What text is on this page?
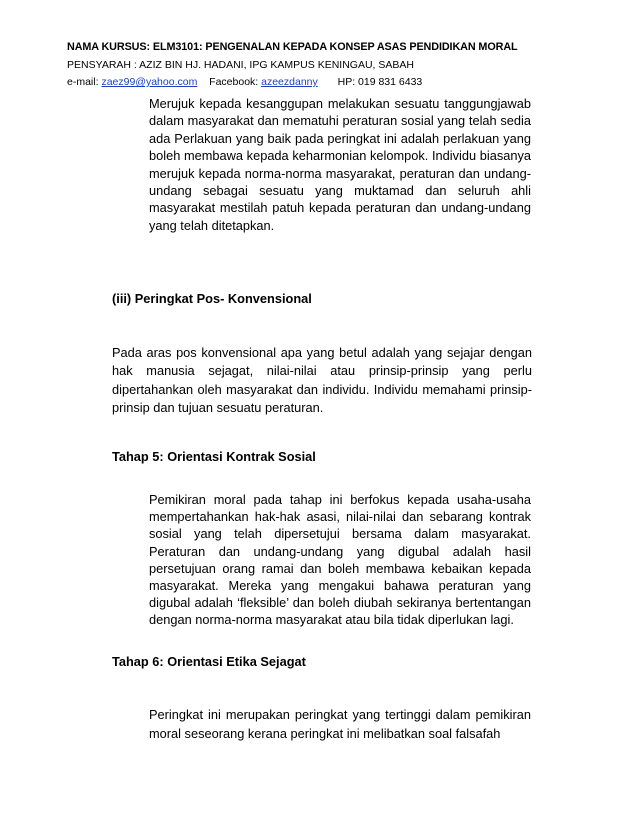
NAMA KURSUS: ELM3101: PENGENALAN KEPADA KONSEP ASAS PENDIDIKAN MORAL
PENSYARAH : AZIZ BIN HJ. HADANI, IPG KAMPUS KENINGAU, SABAH
e-mail: zaez99@yahoo.com Facebook: azeezdanny HP: 019 831 6433
Merujuk kepada kesanggupan melakukan sesuatu tanggungjawab dalam masyarakat dan mematuhi peraturan sosial yang telah sedia ada Perlakuan yang baik pada peringkat ini adalah perlakuan yang boleh membawa kepada keharmonian kelompok. Individu biasanya merujuk kepada norma-norma masyarakat, peraturan dan undang-undang sebagai sesuatu yang muktamad dan seluruh ahli masyarakat mestilah patuh kepada peraturan dan undang-undang yang telah ditetapkan.
(iii) Peringkat Pos- Konvensional
Pada aras pos konvensional apa yang betul adalah yang sejajar dengan hak manusia sejagat, nilai-nilai atau prinsip-prinsip yang perlu dipertahankan oleh masyarakat dan individu. Individu memahami prinsip-prinsip dan tujuan sesuatu peraturan.
Tahap 5: Orientasi Kontrak Sosial
Pemikiran moral pada tahap ini berfokus kepada usaha-usaha mempertahankan hak-hak asasi, nilai-nilai dan sebarang kontrak sosial yang telah dipersetujui bersama dalam masyarakat. Peraturan dan undang-undang yang digubal adalah hasil persetujuan orang ramai dan boleh membawa kebaikan kepada masyarakat. Mereka yang mengakui bahawa peraturan yang digubal adalah ‘fleksible’ dan boleh diubah sekiranya bertentangan dengan norma-norma masyarakat atau bila tidak diperlukan lagi.
Tahap 6: Orientasi Etika Sejagat
Peringkat ini merupakan peringkat yang tertinggi dalam pemikiran moral seseorang kerana peringkat ini melibatkan soal falsafah
